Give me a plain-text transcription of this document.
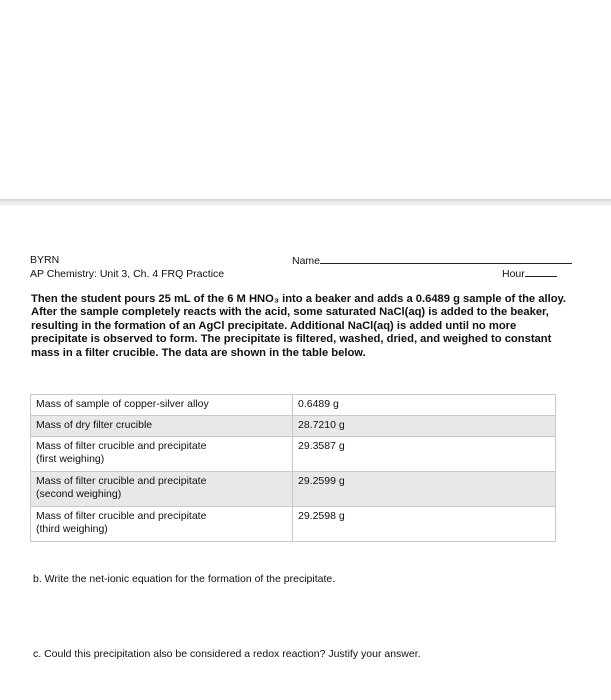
BYRN
AP Chemistry: Unit 3, Ch. 4 FRQ Practice
Name
Hour
Then the student pours 25 mL of the 6 M HNO₃ into a beaker and adds a 0.6489 g sample of the alloy. After the sample completely reacts with the acid, some saturated NaCl(aq) is added to the beaker, resulting in the formation of an AgCl precipitate. Additional NaCl(aq) is added until no more precipitate is observed to form. The precipitate is filtered, washed, dried, and weighed to constant mass in a filter crucible. The data are shown in the table below.
Mass of sample of copper-silver alloy	0.6489 g

Mass of dry filter crucible	28.7210 g

Mass of filter crucible and precipitate
(first weighing)	29.3587 g

Mass of filter crucible and precipitate
(second weighing)	29.2599 g

Mass of filter crucible and precipitate
(third weighing)	29.2598 g
b. Write the net-ionic equation for the formation of the precipitate.
c. Could this precipitation also be considered a redox reaction? Justify your answer.
